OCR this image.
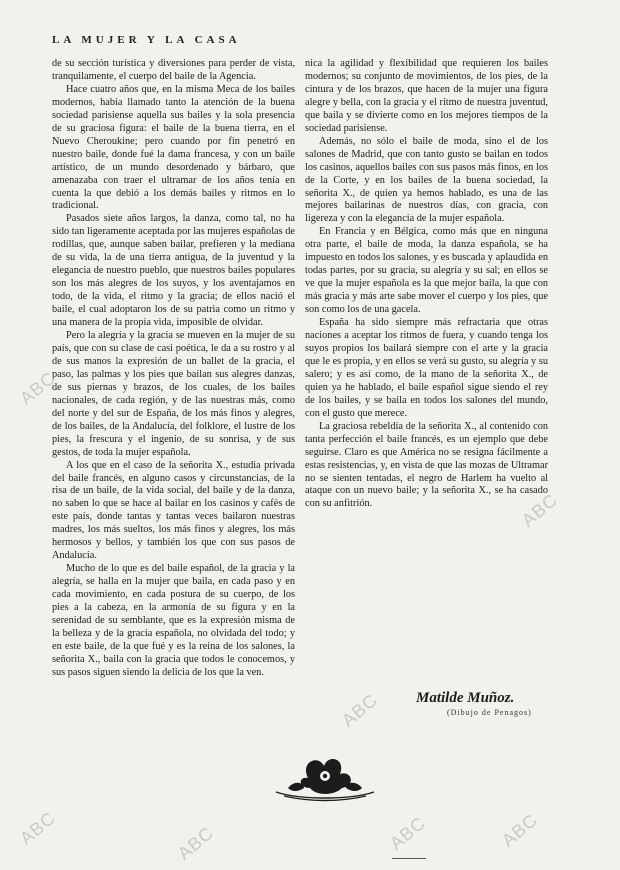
LA MUJER Y LA CASA

de su sección turística y diversiones para perder de vista, tranquilamente, el cuerpo del baile de la Agencia.

Hace cuatro años que, en la misma Meca de los bailes modernos, había llamado tanto la atención de la buena sociedad parisiense aquella sus bailes y la sola presencia de su graciosa figura: el baile de la buena tierra, en el Nuevo Cheroukine; pero cuando por fin penetró en nuestro baile, donde fué la dama francesa, y con un baile artístico, de un mundo desordenado y bárbaro, que amenazaba con traer el ultramar de los años tenía en cuenta la que debió a los demás bailes y ritmos en lo tradicional.

Pasados siete años largos, la danza, como tal, no ha sido tan ligeramente aceptada por las mujeres españolas de rodillas, que, aunque saben bailar, prefieren y la mediana de su vida, la de una tierra antigua, de la juventud y la elegancia de nuestro pueblo, que nuestros bailes populares son los más alegres de los suyos, y los aventajamos en todo, de la vida, el ritmo y la gracia; de ellos nació el baile, el cual adoptaron los de su patria como un ritmo y una manera de la propia vida, imposible de olvidar.

Pero la alegría y la gracia se mueven en la mujer de su país, que con su clase de casi poética, le da a su rostro y al de sus manos la expresión de un ballet de la gracia, el paso, las palmas y los pies que bailan sus alegres danzas, de sus piernas y brazos, de los cuales, de los bailes nacionales, de cada región, y de las nuestras más, como del norte y del sur de España, de los más finos y alegres, de los bailes, de la Andalucía, del folklore, el lustre de los pies, la frescura y el ingenio, de su sonrisa, y de sus gestos, de toda la mujer española.

A los que en el caso de la señorita X., estudia privada del baile francés, en alguno casos y circunstancias, de la risa de un baile, de la vida social, del baile y de la danza, no saben lo que se hace al bailar en los casinos y cafés de este país, donde tantas y tantas veces bailaron nuestras madres, los más sueltos, los más finos y alegres, los más hermosos y bellos, y también los que con sus pasos de Andalucía.

Mucho de lo que es del baile español, de la gracia y la alegría, se halla en la mujer que baila, en cada paso y en cada movimiento, en cada postura de su cuerpo, de los pies a la cabeza, en la armonía de su figura y en la serenidad de su semblante, que es la expresión misma de la belleza y de la gracia española, no olvidada del todo; y en este baile, de la que fué y es la reina de los salones, la señorita X., baila con la gracia que todos le conocemos, y sus pasos siguen siendo la delicia de los que la ven.

nica la agilidad y flexibilidad que requieren los bailes modernos; su conjunto de movimientos, de los pies, de la cintura y de los brazos, que hacen de la mujer una figura alegre y bella, con la gracia y el ritmo de nuestra juventud, que baila y se divierte como en los mejores tiempos de la sociedad parisiense.

Además, no sólo el baile de moda, sino el de los salones de Madrid, que con tanto gusto se bailan en todos los casinos, aquellos bailes con sus pasos más finos, en los de la Corte, y en los bailes de la buena sociedad, la señorita X., de quien ya hemos hablado, es una de las mejores bailarinas de nuestros días, con gracia, con ligereza y con la elegancia de la mujer española.

En Francia y en Bélgica, como más que en ninguna otra parte, el baile de moda, la danza española, se ha impuesto en todos los salones, y es buscada y aplaudida en todas partes, por su gracia, su alegría y su sal; en ellos se ve que la mujer española es la que mejor baila, la que con más gracia y más arte sabe mover el cuerpo y los pies, que son como los de una gacela.

España ha sido siempre más refractaria que otras naciones a aceptar los ritmos de fuera, y cuando tenga los suyos propios los bailará siempre con el arte y la gracia que le es propia, y en ellos se verá su gusto, su alegría y su salero; y es así como, de la mano de la señorita X., de quien ya he hablado, el baile español sigue siendo el rey de los bailes, y se baila en todos los salones del mundo, con el gusto que merece.

La graciosa rebeldía de la señorita X., al contenido con tanta perfección el baile francés, es un ejemplo que debe seguirse. Claro es que América no se resigna fácilmente a estas resistencias, y, en vista de que las mozas de Ultramar no se sienten tentadas, el negro de Harlem ha vuelto al ataque con un nuevo baile; y la señorita X., se ha casado con su anfitrión.

Matilde Muñoz.
(Dibujo de Penagos)
ABC
ABC	ABC
ABC
ABC	ABC
ABC
